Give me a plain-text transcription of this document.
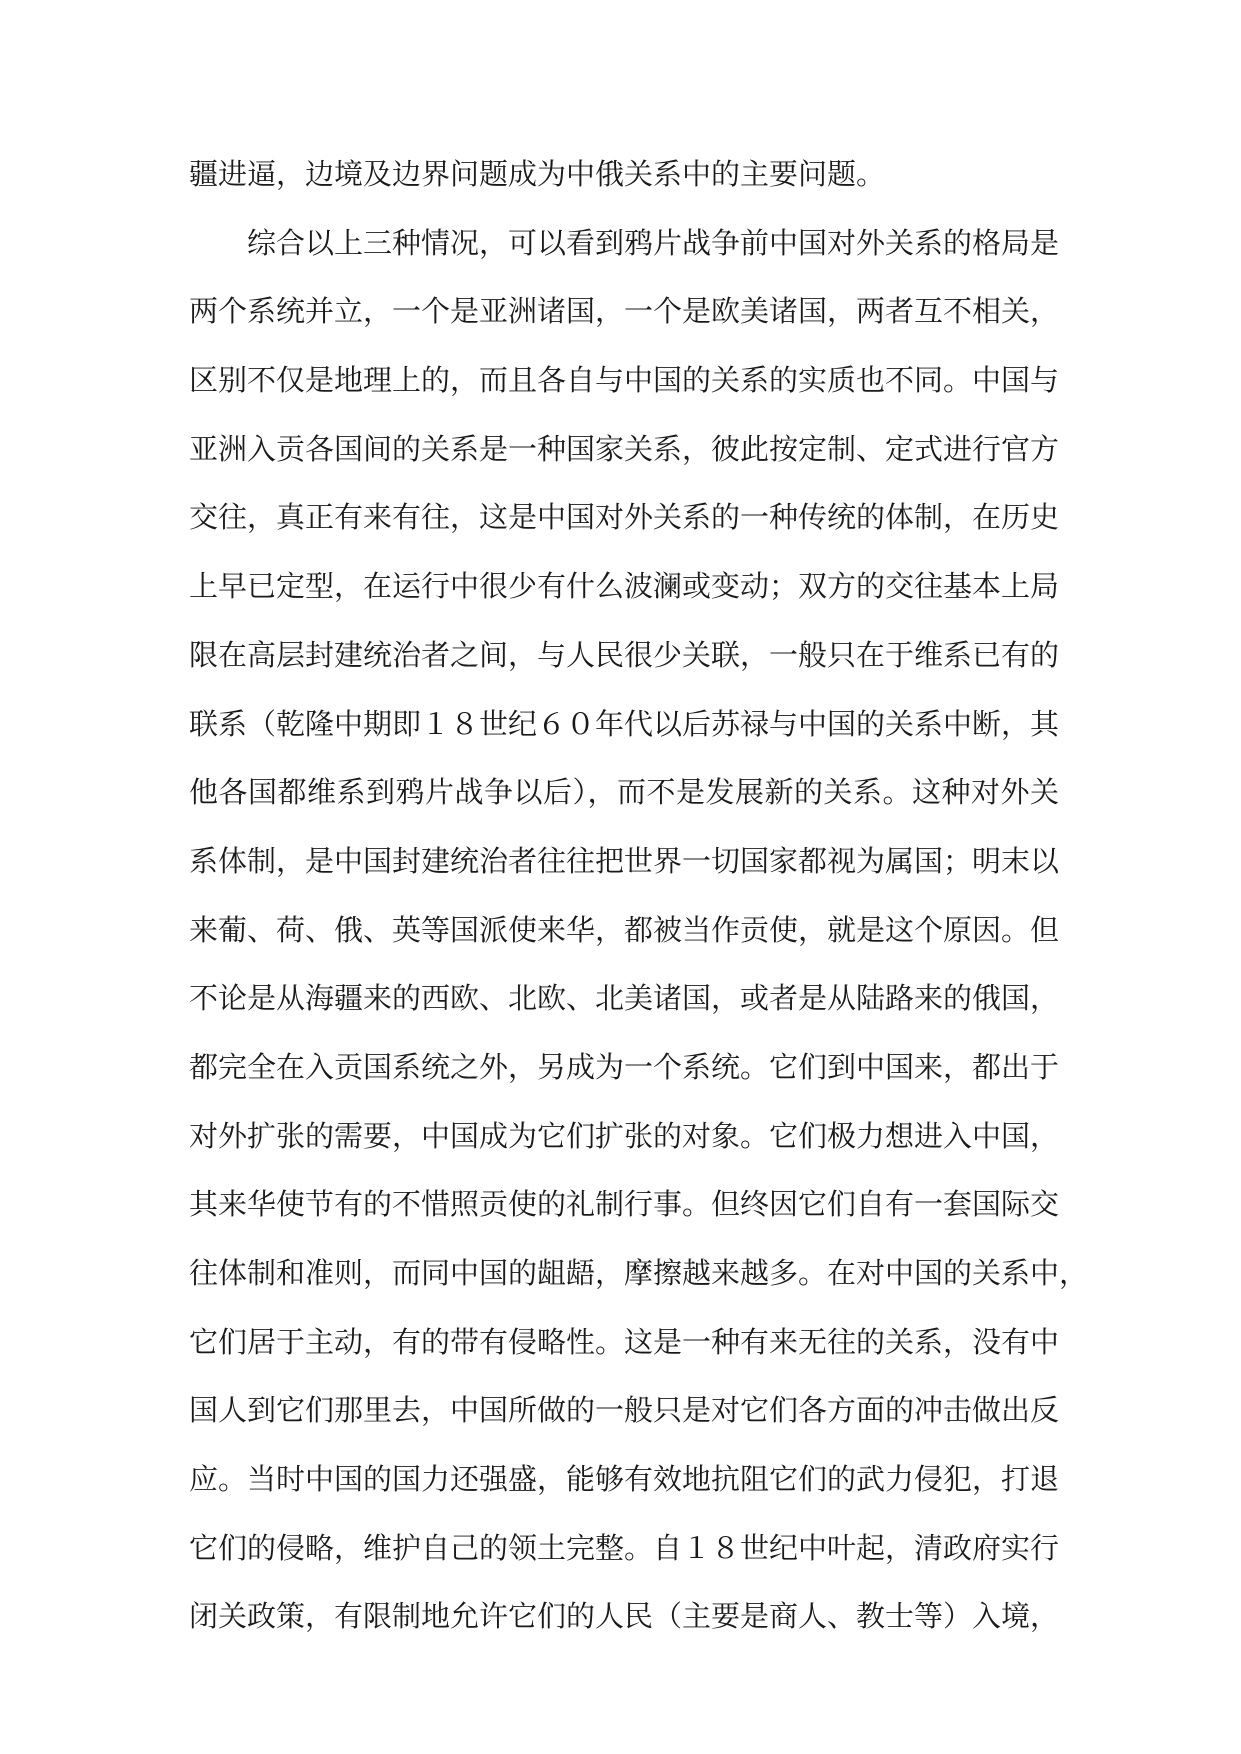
疆进逼，边境及边界问题成为中俄关系中的主要问题。
综合以上三种情况，可以看到鸦片战争前中国对外关系的格局是
两个系统并立，一个是亚洲诸国，一个是欧美诸国，两者互不相关，
区别不仅是地理上的，而且各自与中国的关系的实质也不同。中国与
亚洲入贡各国间的关系是一种国家关系，彼此按定制、定式进行官方
交往，真正有来有往，这是中国对外关系的一种传统的体制，在历史
上早已定型，在运行中很少有什么波澜或变动；双方的交往基本上局
限在高层封建统治者之间，与人民很少关联，一般只在于维系已有的
联系（乾隆中期即１８世纪６０年代以后苏禄与中国的关系中断，其
他各国都维系到鸦片战争以后），而不是发展新的关系。这种对外关
系体制，是中国封建统治者往往把世界一切国家都视为属国；明末以
来葡、荷、俄、英等国派使来华，都被当作贡使，就是这个原因。但
不论是从海疆来的西欧、北欧、北美诸国，或者是从陆路来的俄国，
都完全在入贡国系统之外，另成为一个系统。它们到中国来，都出于
对外扩张的需要，中国成为它们扩张的对象。它们极力想进入中国，
其来华使节有的不惜照贡使的礼制行事。但终因它们自有一套国际交
往体制和准则，而同中国的龃龉，摩擦越来越多。在对中国的关系中，
它们居于主动，有的带有侵略性。这是一种有来无往的关系，没有中
国人到它们那里去，中国所做的一般只是对它们各方面的冲击做出反
应。当时中国的国力还强盛，能够有效地抗阻它们的武力侵犯，打退
它们的侵略，维护自己的领土完整。自１８世纪中叶起，清政府实行
闭关政策，有限制地允许它们的人民（主要是商人、教士等）入境，
